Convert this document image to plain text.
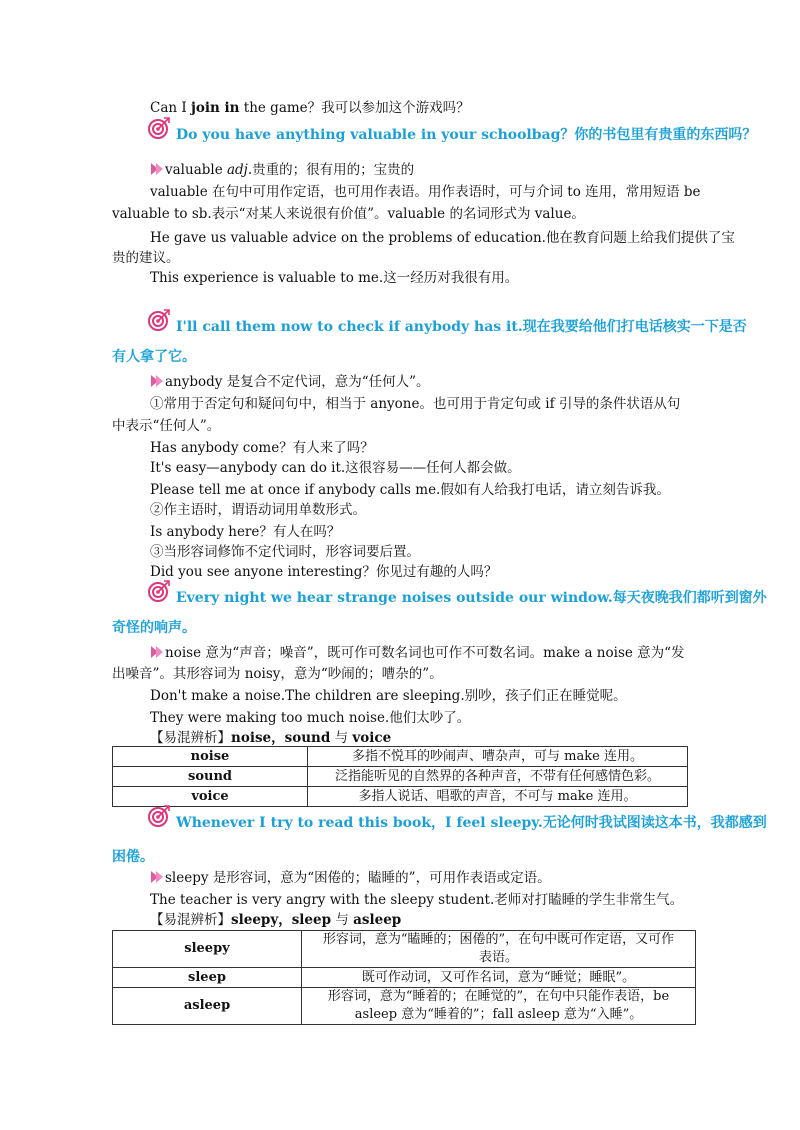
Can I join in the game？我可以参加这个游戏吗？
Do you have anything valuable in your schoolbag？你的书包里有贵重的东西吗？
valuable adj.贵重的；很有用的；宝贵的
valuable 在句中可用作定语，也可用作表语。用作表语时，可与介词 to 连用，常用短语 be
valuable to sb.表示“对某人来说很有价值”。valuable 的名词形式为 value。
He gave us valuable advice on the problems of education.他在教育问题上给我们提供了宝
贵的建议。
This experience is valuable to me.这一经历对我很有用。
I'll call them now to check if anybody has it.现在我要给他们打电话核实一下是否
有人拿了它。
anybody 是复合不定代词，意为“任何人”。
①常用于否定句和疑问句中，相当于 anyone。也可用于肯定句或 if 引导的条件状语从句
中表示“任何人”。
Has anybody come？有人来了吗？
It's easy—anybody can do it.这很容易——任何人都会做。
Please tell me at once if anybody calls me.假如有人给我打电话，请立刻告诉我。
②作主语时，谓语动词用单数形式。
Is anybody here？有人在吗？
③当形容词修饰不定代词时，形容词要后置。
Did you see anyone interesting？你见过有趣的人吗？
Every night we hear strange noises outside our window.每天夜晚我们都听到窗外
奇怪的响声。
noise 意为“声音；噪音”，既可作可数名词也可作不可数名词。make a noise 意为“发
出噪音”。其形容词为 noisy，意为“吵闹的；嘈杂的”。
Don't make a noise.The children are sleeping.别吵，孩子们正在睡觉呢。
They were making too much noise.他们太吵了。
【易混辨析】noise，sound 与 voice
noise	多指不悦耳的吵闹声、嘈杂声，可与 make 连用。
sound	泛指能听见的自然界的各种声音，不带有任何感情色彩。
voice	多指人说话、唱歌的声音，不可与 make 连用。
Whenever I try to read this book，I feel sleepy.无论何时我试图读这本书，我都感到
困倦。
sleepy 是形容词，意为“困倦的；瞌睡的”，可用作表语或定语。
The teacher is very angry with the sleepy student.老师对打瞌睡的学生非常生气。
【易混辨析】sleepy，sleep 与 asleep
sleepy	形容词，意为“瞌睡的；困倦的”，在句中既可作定语，又可作
表语。
sleep	既可作动词，又可作名词，意为“睡觉；睡眠”。
asleep	形容词，意为“睡着的；在睡觉的”，在句中只能作表语，be
asleep 意为“睡着的”；fall asleep 意为“入睡”。
